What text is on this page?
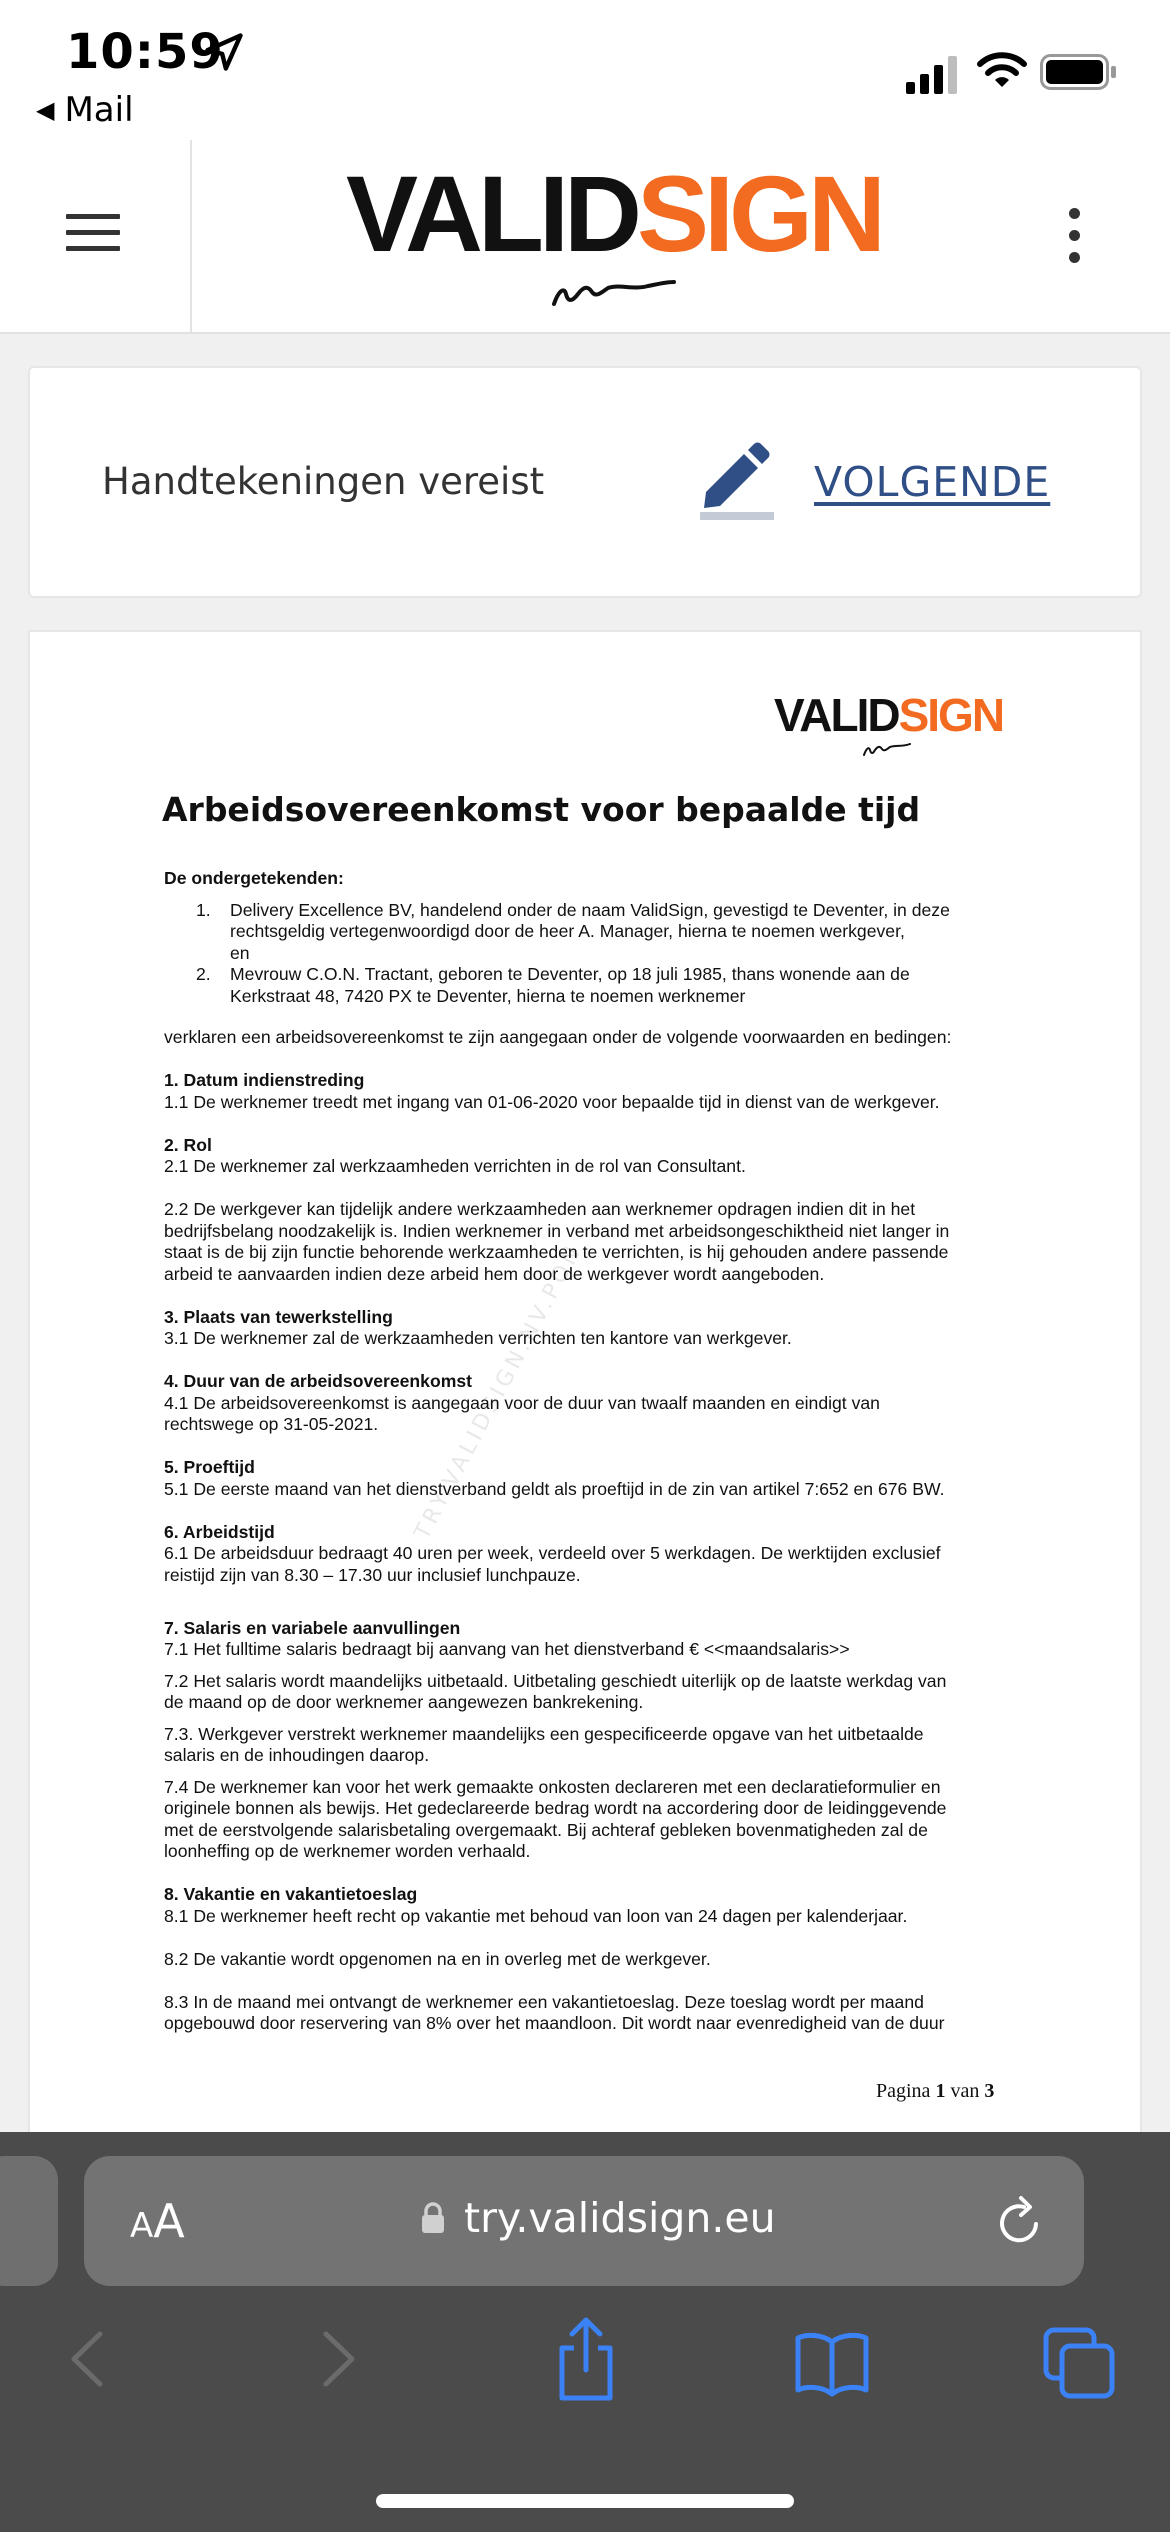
10:59
◀ Mail
VALIDSIGN
Handtekeningen vereist	VOLGENDE
VALIDSIGN
Arbeidsovereenkomst voor bepaalde tijd
TRY.VALIDSIGN.NV.PON
De ondergetekenden:
1. Delivery Excellence BV, handelend onder de naam ValidSign, gevestigd te Deventer, in deze
rechtsgeldig vertegenwoordigd door de heer A. Manager, hierna te noemen werkgever,
en
2. Mevrouw C.O.N. Tractant, geboren te Deventer, op 18 juli 1985, thans wonende aan de
Kerkstraat 48, 7420 PX te Deventer, hierna te noemen werknemer
verklaren een arbeidsovereenkomst te zijn aangegaan onder de volgende voorwaarden en bedingen:
1. Datum indienstreding
1.1 De werknemer treedt met ingang van 01-06-2020 voor bepaalde tijd in dienst van de werkgever.
2. Rol
2.1 De werknemer zal werkzaamheden verrichten in de rol van Consultant.
2.2 De werkgever kan tijdelijk andere werkzaamheden aan werknemer opdragen indien dit in het
bedrijfsbelang noodzakelijk is. Indien werknemer in verband met arbeidsongeschiktheid niet langer in
staat is de bij zijn functie behorende werkzaamheden te verrichten, is hij gehouden andere passende
arbeid te aanvaarden indien deze arbeid hem door de werkgever wordt aangeboden.
3. Plaats van tewerkstelling
3.1 De werknemer zal de werkzaamheden verrichten ten kantore van werkgever.
4. Duur van de arbeidsovereenkomst
4.1 De arbeidsovereenkomst is aangegaan voor de duur van twaalf maanden en eindigt van
rechtswege op 31-05-2021.
5. Proeftijd
5.1 De eerste maand van het dienstverband geldt als proeftijd in de zin van artikel 7:652 en 676 BW.
6. Arbeidstijd
6.1 De arbeidsduur bedraagt 40 uren per week, verdeeld over 5 werkdagen. De werktijden exclusief
reistijd zijn van 8.30 – 17.30 uur inclusief lunchpauze.
7. Salaris en variabele aanvullingen
7.1 Het fulltime salaris bedraagt bij aanvang van het dienstverband € <<maandsalaris>>
7.2 Het salaris wordt maandelijks uitbetaald. Uitbetaling geschiedt uiterlijk op de laatste werkdag van
de maand op de door werknemer aangewezen bankrekening.
7.3. Werkgever verstrekt werknemer maandelijks een gespecificeerde opgave van het uitbetaalde
salaris en de inhoudingen daarop.
7.4 De werknemer kan voor het werk gemaakte onkosten declareren met een declaratieformulier en
originele bonnen als bewijs. Het gedeclareerde bedrag wordt na accordering door de leidinggevende
met de eerstvolgende salarisbetaling overgemaakt. Bij achteraf gebleken bovenmatigheden zal de
loonheffing op de werknemer worden verhaald.
8. Vakantie en vakantietoeslag
8.1 De werknemer heeft recht op vakantie met behoud van loon van 24 dagen per kalenderjaar.
8.2 De vakantie wordt opgenomen na en in overleg met de werkgever.
8.3 In de maand mei ontvangt de werknemer een vakantietoeslag. Deze toeslag wordt per maand
opgebouwd door reservering van 8% over het maandloon. Dit wordt naar evenredigheid van de duur
Pagina 1 van 3
AA	try.validsign.eu
